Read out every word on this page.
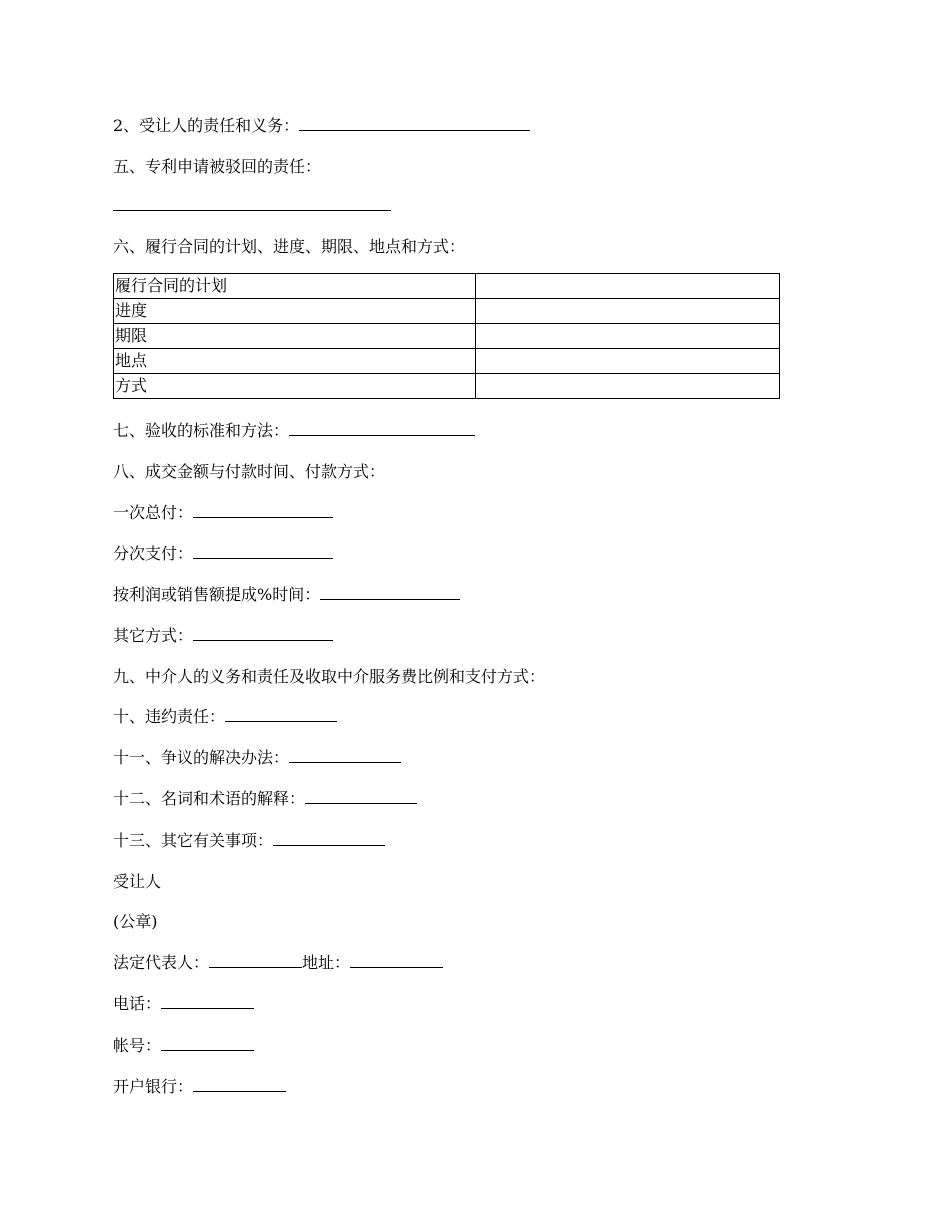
2、受让人的责任和义务：
五、专利申请被驳回的责任：
六、履行合同的计划、进度、期限、地点和方式：
履行合同的计划	
进度	
期限	
地点	
方式	
七、验收的标准和方法：
八、成交金额与付款时间、付款方式：
一次总付：
分次支付：
按利润或销售额提成%时间：
其它方式：
九、中介人的义务和责任及收取中介服务费比例和支付方式：
十、违约责任：
十一、争议的解决办法：
十二、名词和术语的解释：
十三、其它有关事项：
受让人
(公章)
法定代表人：	地址：
电话：
帐号：
开户银行：
